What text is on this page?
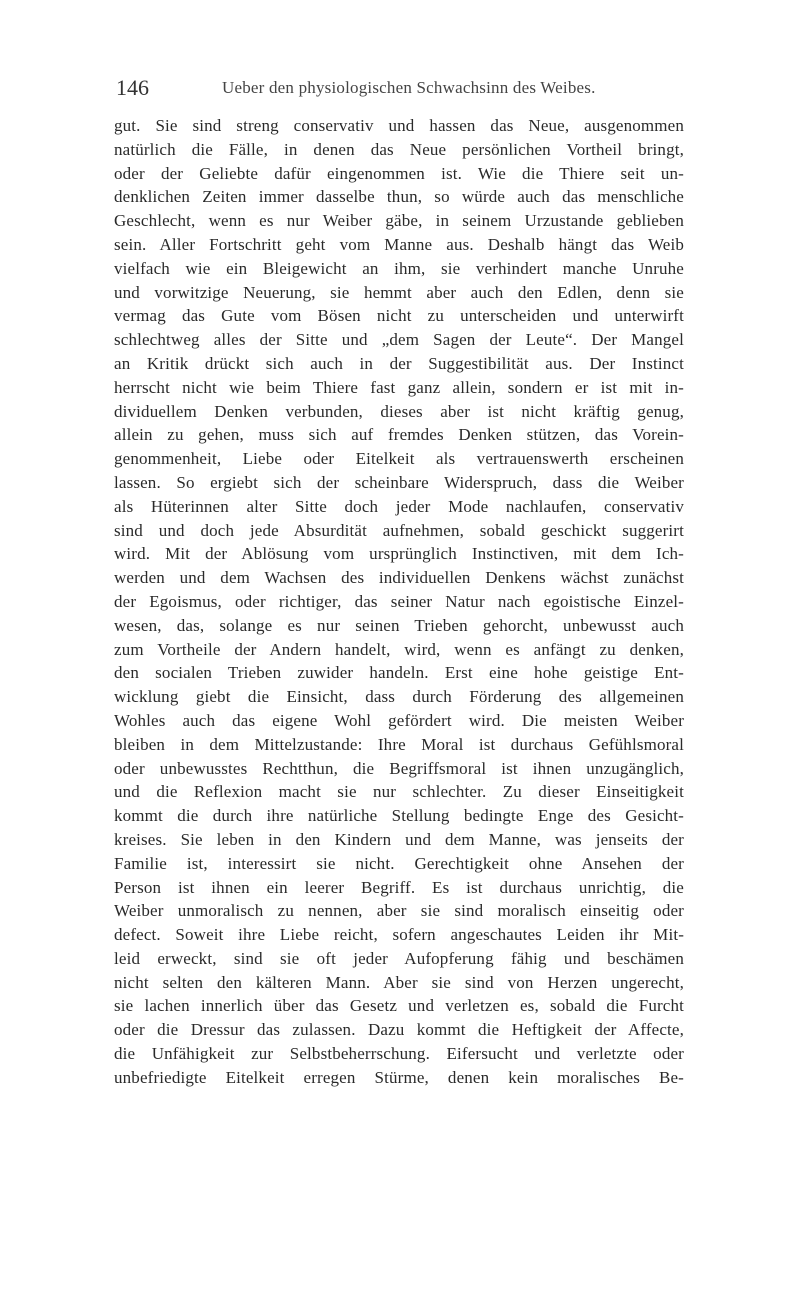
146	Ueber den physiologischen Schwachsinn des Weibes.
gut. Sie sind streng conservativ und hassen das Neue, ausgenommen
natürlich die Fälle, in denen das Neue persönlichen Vortheil bringt,
oder der Geliebte dafür eingenommen ist. Wie die Thiere seit un-
denklichen Zeiten immer dasselbe thun, so würde auch das menschliche
Geschlecht, wenn es nur Weiber gäbe, in seinem Urzustande geblieben
sein. Aller Fortschritt geht vom Manne aus. Deshalb hängt das Weib
vielfach wie ein Bleigewicht an ihm, sie verhindert manche Unruhe
und vorwitzige Neuerung, sie hemmt aber auch den Edlen, denn sie
vermag das Gute vom Bösen nicht zu unterscheiden und unterwirft
schlechtweg alles der Sitte und „dem Sagen der Leute“. Der Mangel
an Kritik drückt sich auch in der Suggestibilität aus. Der Instinct
herrscht nicht wie beim Thiere fast ganz allein, sondern er ist mit in-
dividuellem Denken verbunden, dieses aber ist nicht kräftig genug,
allein zu gehen, muss sich auf fremdes Denken stützen, das Vorein-
genommenheit, Liebe oder Eitelkeit als vertrauenswerth erscheinen
lassen. So ergiebt sich der scheinbare Widerspruch, dass die Weiber
als Hüterinnen alter Sitte doch jeder Mode nachlaufen, conservativ
sind und doch jede Absurdität aufnehmen, sobald geschickt suggerirt
wird. Mit der Ablösung vom ursprünglich Instinctiven, mit dem Ich-
werden und dem Wachsen des individuellen Denkens wächst zunächst
der Egoismus, oder richtiger, das seiner Natur nach egoistische Einzel-
wesen, das, solange es nur seinen Trieben gehorcht, unbewusst auch
zum Vortheile der Andern handelt, wird, wenn es anfängt zu denken,
den socialen Trieben zuwider handeln. Erst eine hohe geistige Ent-
wicklung giebt die Einsicht, dass durch Förderung des allgemeinen
Wohles auch das eigene Wohl gefördert wird. Die meisten Weiber
bleiben in dem Mittelzustande: Ihre Moral ist durchaus Gefühlsmoral
oder unbewusstes Rechtthun, die Begriffsmoral ist ihnen unzugänglich,
und die Reflexion macht sie nur schlechter. Zu dieser Einseitigkeit
kommt die durch ihre natürliche Stellung bedingte Enge des Gesicht-
kreises. Sie leben in den Kindern und dem Manne, was jenseits der
Familie ist, interessirt sie nicht. Gerechtigkeit ohne Ansehen der
Person ist ihnen ein leerer Begriff. Es ist durchaus unrichtig, die
Weiber unmoralisch zu nennen, aber sie sind moralisch einseitig oder
defect. Soweit ihre Liebe reicht, sofern angeschautes Leiden ihr Mit-
leid erweckt, sind sie oft jeder Aufopferung fähig und beschämen
nicht selten den kälteren Mann. Aber sie sind von Herzen ungerecht,
sie lachen innerlich über das Gesetz und verletzen es, sobald die Furcht
oder die Dressur das zulassen. Dazu kommt die Heftigkeit der Affecte,
die Unfähigkeit zur Selbstbeherrschung. Eifersucht und verletzte oder
unbefriedigte Eitelkeit erregen Stürme, denen kein moralisches Be-
